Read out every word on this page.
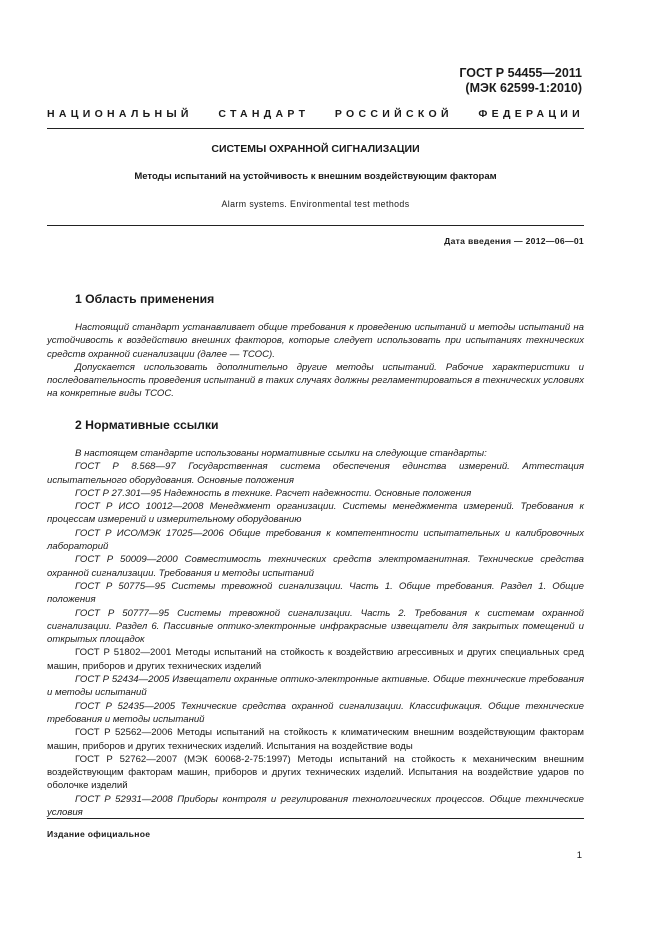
ГОСТ Р 54455—2011
(МЭК 62599-1:2010)
НАЦИОНАЛЬНЫЙ СТАНДАРТ РОССИЙСКОЙ ФЕДЕРАЦИИ
СИСТЕМЫ ОХРАННОЙ СИГНАЛИЗАЦИИ
Методы испытаний на устойчивость к внешним воздействующим факторам
Alarm systems. Environmental test methods
Дата введения — 2012—06—01
1 Область применения

Настоящий стандарт устанавливает общие требования к проведению испытаний и методы испытаний на устойчивость к воздействию внешних факторов, которые следует использовать при испытаниях технических средств охранной сигнализации (далее — ТСОС).

Допускается использовать дополнительно другие методы испытаний. Рабочие характеристики и последовательность проведения испытаний в таких случаях должны регламентироваться в технических условиях на конкретные виды ТСОС.

2 Нормативные ссылки

В настоящем стандарте использованы нормативные ссылки на следующие стандарты:

ГОСТ Р 8.568—97 Государственная система обеспечения единства измерений. Аттестация испытательного оборудования. Основные положения

ГОСТ Р 27.301—95 Надежность в технике. Расчет надежности. Основные положения

ГОСТ Р ИСО 10012—2008 Менеджмент организации. Системы менеджмента измерений. Требования к процессам измерений и измерительному оборудованию

ГОСТ Р ИСО/МЭК 17025—2006 Общие требования к компетентности испытательных и калибровочных лабораторий

ГОСТ Р 50009—2000 Совместимость технических средств электромагнитная. Технические средства охранной сигнализации. Требования и методы испытаний

ГОСТ Р 50775—95 Системы тревожной сигнализации. Часть 1. Общие требования. Раздел 1. Общие положения

ГОСТ Р 50777—95 Системы тревожной сигнализации. Часть 2. Требования к системам охранной сигнализации. Раздел 6. Пассивные оптико-электронные инфракрасные извещатели для закрытых помещений и открытых площадок

ГОСТ Р 51802—2001 Методы испытаний на стойкость к воздействию агрессивных и других специальных сред машин, приборов и других технических изделий

ГОСТ Р 52434—2005 Извещатели охранные оптико-электронные активные. Общие технические требования и методы испытаний

ГОСТ Р 52435—2005 Технические средства охранной сигнализации. Классификация. Общие технические требования и методы испытаний

ГОСТ Р 52562—2006 Методы испытаний на стойкость к климатическим внешним воздействующим факторам машин, приборов и других технических изделий. Испытания на воздействие воды

ГОСТ Р 52762—2007 (МЭК 60068-2-75:1997) Методы испытаний на стойкость к механическим внешним воздействующим факторам машин, приборов и других технических изделий. Испытания на воздействие ударов по оболочке изделий

ГОСТ Р 52931—2008 Приборы контроля и регулирования технологических процессов. Общие технические условия

Издание официальное
1
